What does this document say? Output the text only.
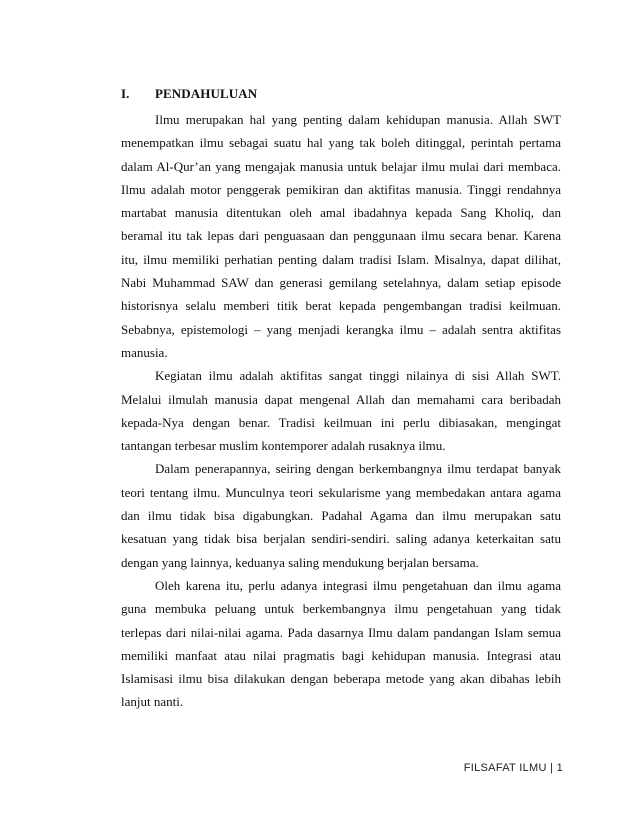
I. PENDAHULUAN

Ilmu merupakan hal yang penting dalam kehidupan manusia. Allah SWT menempatkan ilmu sebagai suatu hal yang tak boleh ditinggal, perintah pertama dalam Al-Qur’an yang mengajak manusia untuk belajar ilmu mulai dari membaca. Ilmu adalah motor penggerak pemikiran dan aktifitas manusia. Tinggi rendahnya martabat manusia ditentukan oleh amal ibadahnya kepada Sang Kholiq, dan beramal itu tak lepas dari penguasaan dan penggunaan ilmu secara benar. Karena itu, ilmu memiliki perhatian penting dalam tradisi Islam. Misalnya, dapat dilihat, Nabi Muhammad SAW dan generasi gemilang setelahnya, dalam setiap episode historisnya selalu memberi titik berat kepada pengembangan tradisi keilmuan. Sebabnya, epistemologi – yang menjadi kerangka ilmu – adalah sentra aktifitas manusia.

Kegiatan ilmu adalah aktifitas sangat tinggi nilainya di sisi Allah SWT. Melalui ilmulah manusia dapat mengenal Allah dan memahami cara beribadah kepada-Nya dengan benar. Tradisi keilmuan ini perlu dibiasakan, mengingat tantangan terbesar muslim kontemporer adalah rusaknya ilmu.

Dalam penerapannya, seiring dengan berkembangnya ilmu terdapat banyak teori tentang ilmu. Munculnya teori sekularisme yang membedakan antara agama dan ilmu tidak bisa digabungkan. Padahal Agama dan ilmu merupakan satu kesatuan yang tidak bisa berjalan sendiri-sendiri. saling adanya keterkaitan satu dengan yang lainnya, keduanya saling mendukung berjalan bersama.

Oleh karena itu, perlu adanya integrasi ilmu pengetahuan dan ilmu agama guna membuka peluang untuk berkembangnya ilmu pengetahuan yang tidak terlepas dari nilai-nilai agama. Pada dasarnya Ilmu dalam pandangan Islam semua memiliki manfaat atau nilai pragmatis bagi kehidupan manusia. Integrasi atau Islamisasi ilmu bisa dilakukan dengan beberapa metode yang akan dibahas lebih lanjut nanti.

FILSAFAT ILMU | 1
